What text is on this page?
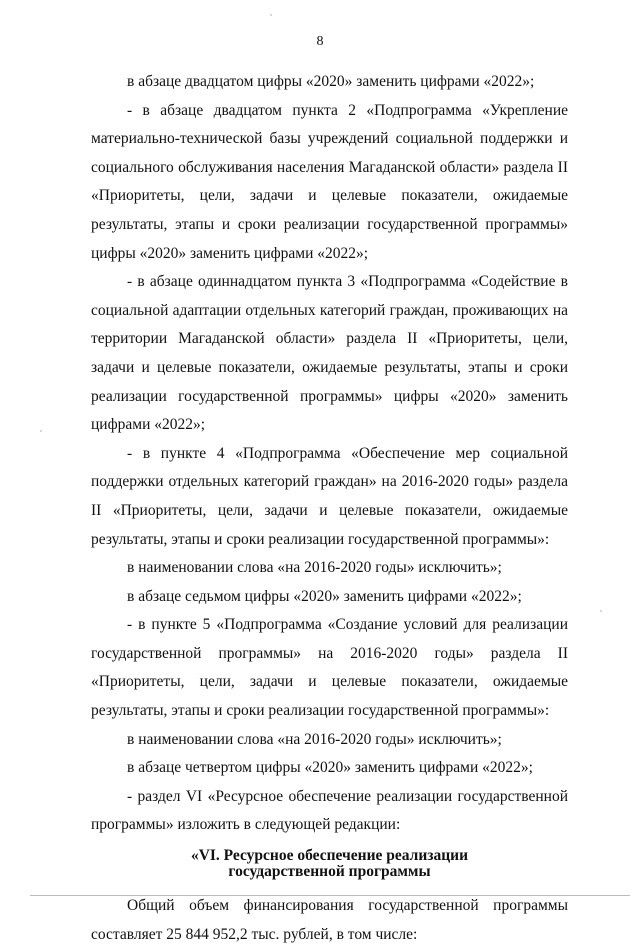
8

в абзаце двадцатом цифры «2020» заменить цифрами «2022»;

- в абзаце двадцатом пункта 2 «Подпрограмма «Укрепление материально-технической базы учреждений социальной поддержки и социального обслуживания населения Магаданской области» раздела II «Приоритеты, цели, задачи и целевые показатели, ожидаемые результаты, этапы и сроки реализации государственной программы» цифры «2020» заменить цифрами «2022»;

- в абзаце одиннадцатом пункта 3 «Подпрограмма «Содействие в социальной адаптации отдельных категорий граждан, проживающих на территории Магаданской области» раздела II «Приоритеты, цели, задачи и целевые показатели, ожидаемые результаты, этапы и сроки реализации государственной программы» цифры «2020» заменить цифрами «2022»;

- в пункте 4 «Подпрограмма «Обеспечение мер социальной поддержки отдельных категорий граждан» на 2016-2020 годы» раздела II «Приоритеты, цели, задачи и целевые показатели, ожидаемые результаты, этапы и сроки реализации государственной программы»:

в наименовании слова «на 2016-2020 годы» исключить»;

в абзаце седьмом цифры «2020» заменить цифрами «2022»;

- в пункте 5 «Подпрограмма «Создание условий для реализации государственной программы» на 2016-2020 годы» раздела II «Приоритеты, цели, задачи и целевые показатели, ожидаемые результаты, этапы и сроки реализации государственной программы»:

в наименовании слова «на 2016-2020 годы» исключить»;

в абзаце четвертом цифры «2020» заменить цифрами «2022»;

- раздел VI «Ресурсное обеспечение реализации государственной программы» изложить в следующей редакции:

«VI. Ресурсное обеспечение реализации
государственной программы

Общий объем финансирования государственной программы составляет 25 844 952,2 тыс. рублей, в том числе:
